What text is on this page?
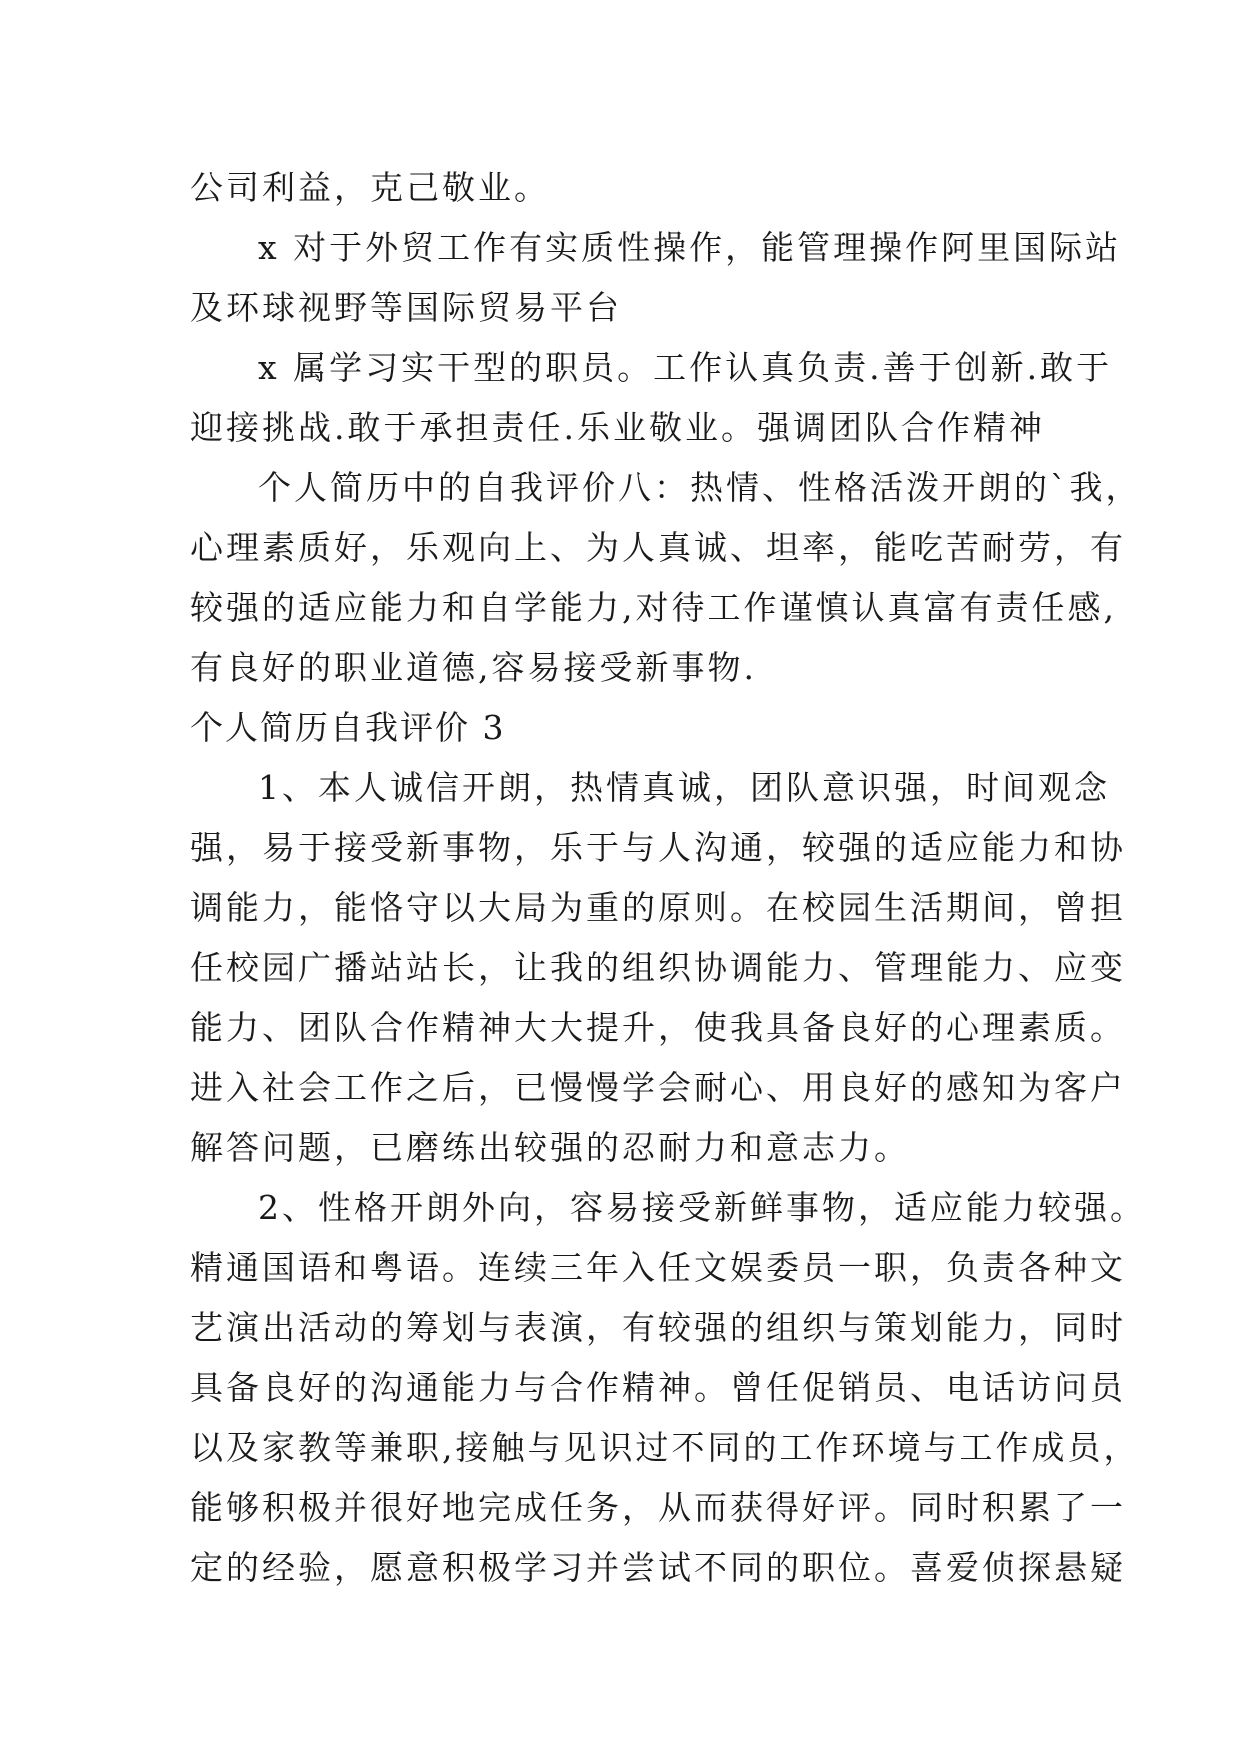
公司利益，克己敬业。
x 对于外贸工作有实质性操作，能管理操作阿里国际站
及环球视野等国际贸易平台
x 属学习实干型的职员。工作认真负责.善于创新.敢于
迎接挑战.敢于承担责任.乐业敬业。强调团队合作精神
个人简历中的自我评价八：热情、性格活泼开朗的`我，
心理素质好，乐观向上、为人真诚、坦率，能吃苦耐劳，有
较强的适应能力和自学能力,对待工作谨慎认真富有责任感,
有良好的职业道德,容易接受新事物.
个人简历自我评价 3
1、本人诚信开朗，热情真诚，团队意识强，时间观念
强，易于接受新事物，乐于与人沟通，较强的适应能力和协
调能力，能恪守以大局为重的原则。在校园生活期间，曾担
任校园广播站站长，让我的组织协调能力、管理能力、应变
能力、团队合作精神大大提升，使我具备良好的心理素质。
进入社会工作之后，已慢慢学会耐心、用良好的感知为客户
解答问题，已磨练出较强的忍耐力和意志力。
2、性格开朗外向，容易接受新鲜事物，适应能力较强。
精通国语和粤语。连续三年入任文娱委员一职，负责各种文
艺演出活动的筹划与表演，有较强的组织与策划能力，同时
具备良好的沟通能力与合作精神。曾任促销员、电话访问员
以及家教等兼职,接触与见识过不同的工作环境与工作成员，
能够积极并很好地完成任务，从而获得好评。同时积累了一
定的经验，愿意积极学习并尝试不同的职位。喜爱侦探悬疑
